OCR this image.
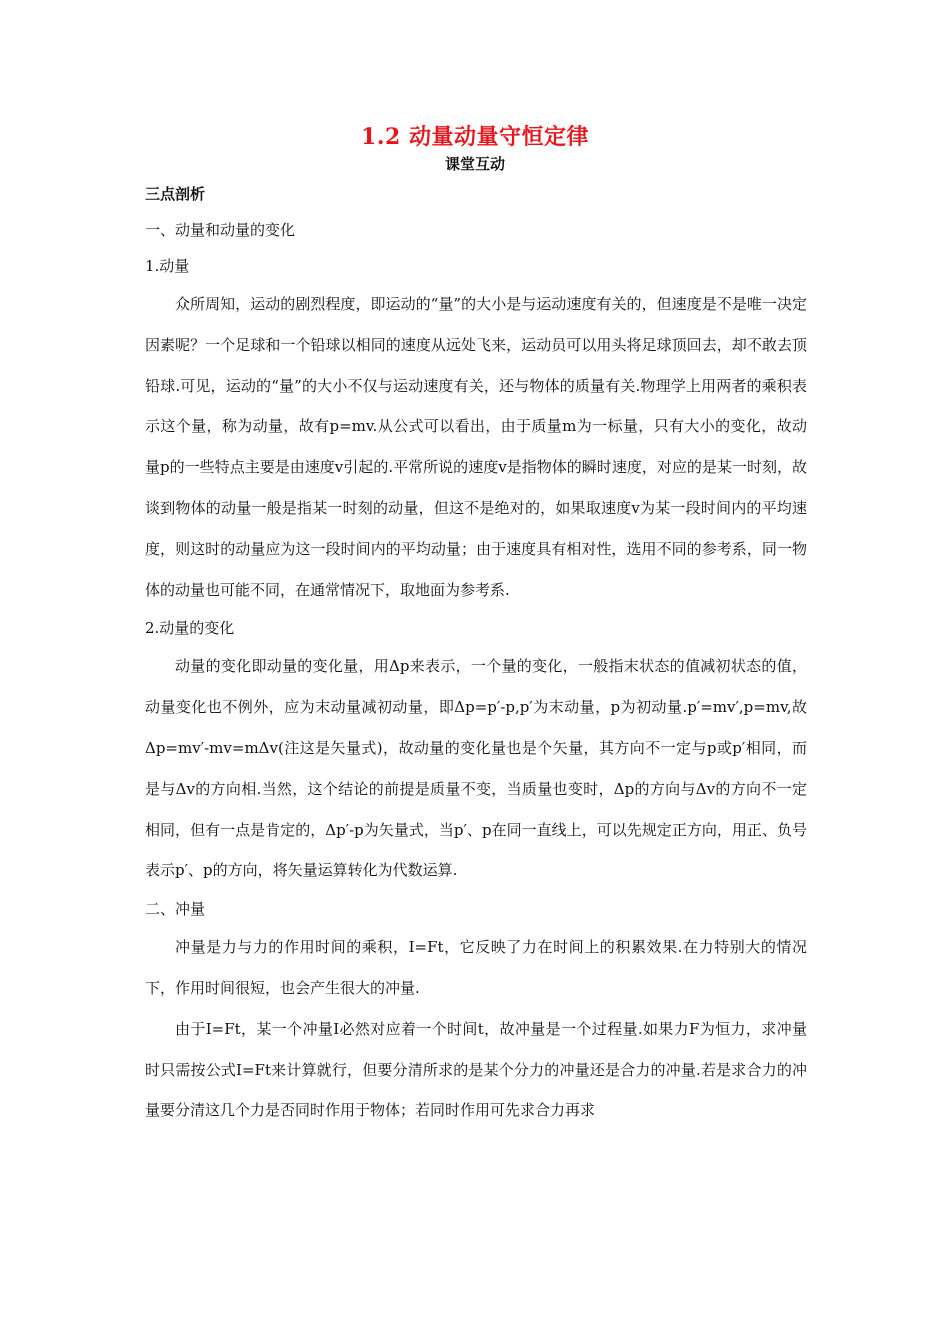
1.2 动量动量守恒定律
课堂互动
三点剖析
一、动量和动量的变化
1.动量

众所周知，运动的剧烈程度，即运动的“量”的大小是与运动速度有关的，但速度是不是唯一决定因素呢？一个足球和一个铅球以相同的速度从远处飞来，运动员可以用头将足球顶回去，却不敢去顶铅球.可见，运动的“量”的大小不仅与运动速度有关，还与物体的质量有关.物理学上用两者的乘积表示这个量，称为动量，故有p=mv.从公式可以看出，由于质量m为一标量，只有大小的变化，故动量p的一些特点主要是由速度v引起的.平常所说的速度v是指物体的瞬时速度，对应的是某一时刻，故谈到物体的动量一般是指某一时刻的动量，但这不是绝对的，如果取速度v为某一段时间内的平均速度，则这时的动量应为这一段时间内的平均动量；由于速度具有相对性，选用不同的参考系，同一物体的动量也可能不同，在通常情况下，取地面为参考系.

2.动量的变化

动量的变化即动量的变化量，用Δp来表示，一个量的变化，一般指末状态的值减初状态的值，动量变化也不例外，应为末动量减初动量，即Δp=p′-p,p′为末动量，p为初动量.p′=mv′,p=mv,故Δp=mv′-mv=mΔv(注这是矢量式)，故动量的变化量也是个矢量，其方向不一定与p或p′相同，而是与Δv的方向相.当然，这个结论的前提是质量不变，当质量也变时，Δp的方向与Δv的方向不一定相同，但有一点是肯定的，Δp′-p为矢量式，当p′、p在同一直线上，可以先规定正方向，用正、负号表示p′、p的方向，将矢量运算转化为代数运算.

二、冲量

冲量是力与力的作用时间的乘积，I=Ft，它反映了力在时间上的积累效果.在力特别大的情况下，作用时间很短，也会产生很大的冲量.

由于I=Ft，某一个冲量I必然对应着一个时间t，故冲量是一个过程量.如果力F为恒力，求冲量时只需按公式I=Ft来计算就行，但要分清所求的是某个分力的冲量还是合力的冲量.若是求合力的冲量要分清这几个力是否同时作用于物体；若同时作用可先求合力再求
